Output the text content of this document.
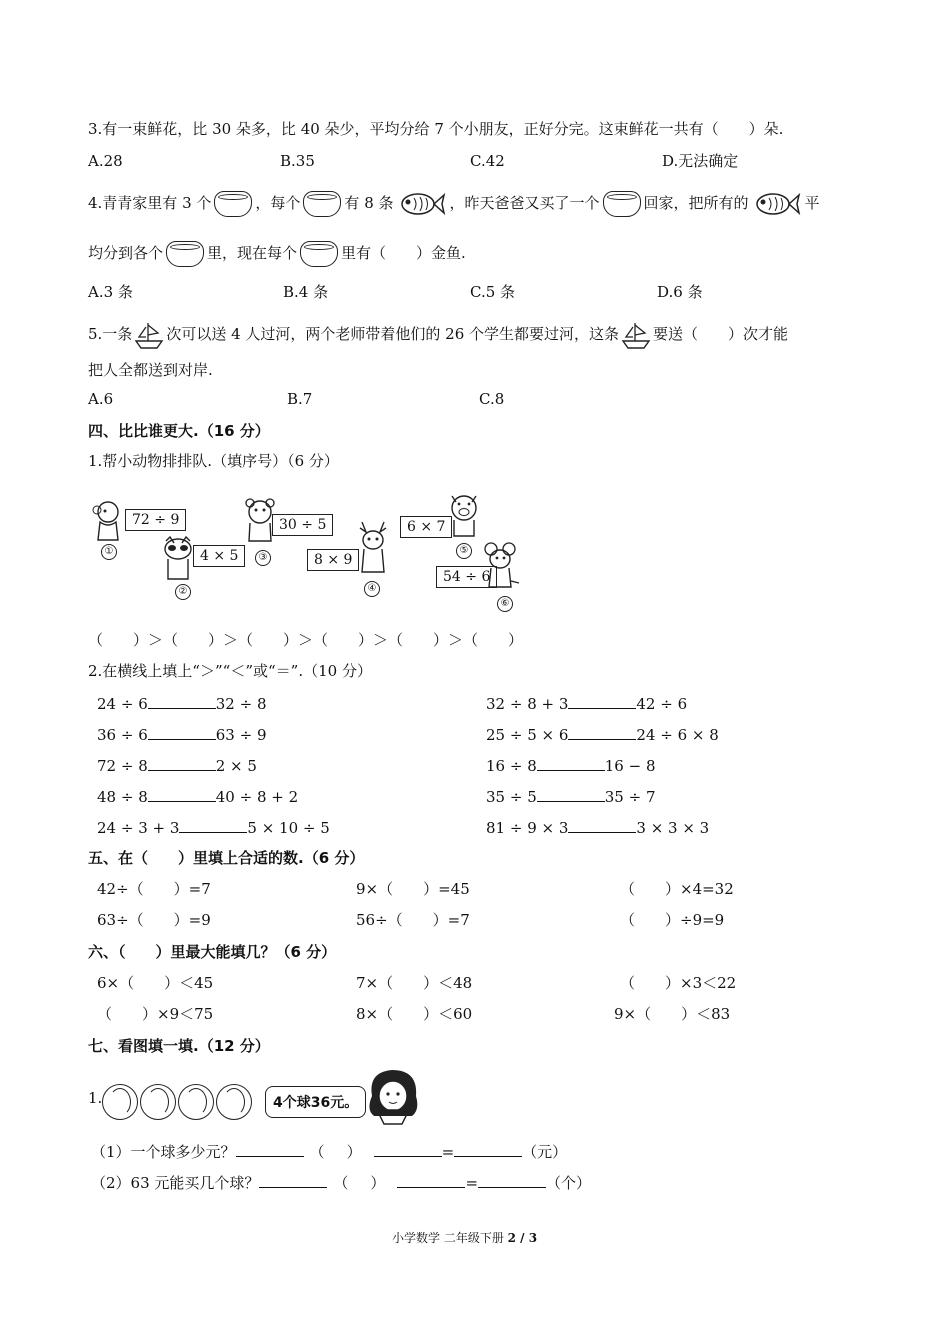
3.有一束鲜花，比 30 朵多，比 40 朵少，平均分给 7 个小朋友，正好分完。这束鲜花一共有（　　）朵.
A.28	B.35	C.42	D.无法确定
4.青青家里有 3 个	，每个	有 8 条	，昨天爸爸又买了一个	回家，把所有的	平
均分到各个	里，现在每个	里有（　　）金鱼.
A.3 条	B.4 条	C.5 条	D.6 条
5.一条 次可以送 4 人过河，两个老师带着他们的 26 个学生都要过河，这条 要送（　　）次才能
把人全都送到对岸.
A.6	B.7	C.8
四、比比谁更大.（16 分）
1.帮小动物排排队.（填序号）（6 分）
72 ÷ 9
①	4 × 5
②
30 ÷ 5
③	8 × 9
④
6 × 7
⑤
54 ÷ 6
⑥
（　　）＞（　　）＞（　　）＞（　　）＞（　　）＞（　　）
2.在横线上填上“＞”“＜”或“＝”.（10 分）
24 ÷ 6	32 ÷ 8
36 ÷ 6	63 ÷ 9
72 ÷ 8	2 × 5
48 ÷ 8	40 ÷ 8 + 2
24 ÷ 3 + 3	5 × 10 ÷ 5
32 ÷ 8 + 3	42 ÷ 6
25 ÷ 5 × 6	24 ÷ 6 × 8
16 ÷ 8	16 − 8
35 ÷ 5	35 ÷ 7
81 ÷ 9 × 3	3 × 3 × 3
五、在（　　）里填上合适的数.（6 分）
42÷（　　）=7	9×（　　）=45	（　　）×4=32
63÷（　　）=9	56÷（　　）=7	（　　）÷9=9
六、（　　）里最大能填几？（6 分）
6×（　　）＜45	7×（　　）＜48	（　　）×3＜22
（　　）×9＜75	8×（　　）＜60	9×（　　）＜83
七、看图填一填.（12 分）
1.	4个球36元。
（1）一个球多少元？	（ ）	=	（元）
（2）63 元能买几个球？	（ ）	=	（个）
小学数学 二年级下册 2 / 3
